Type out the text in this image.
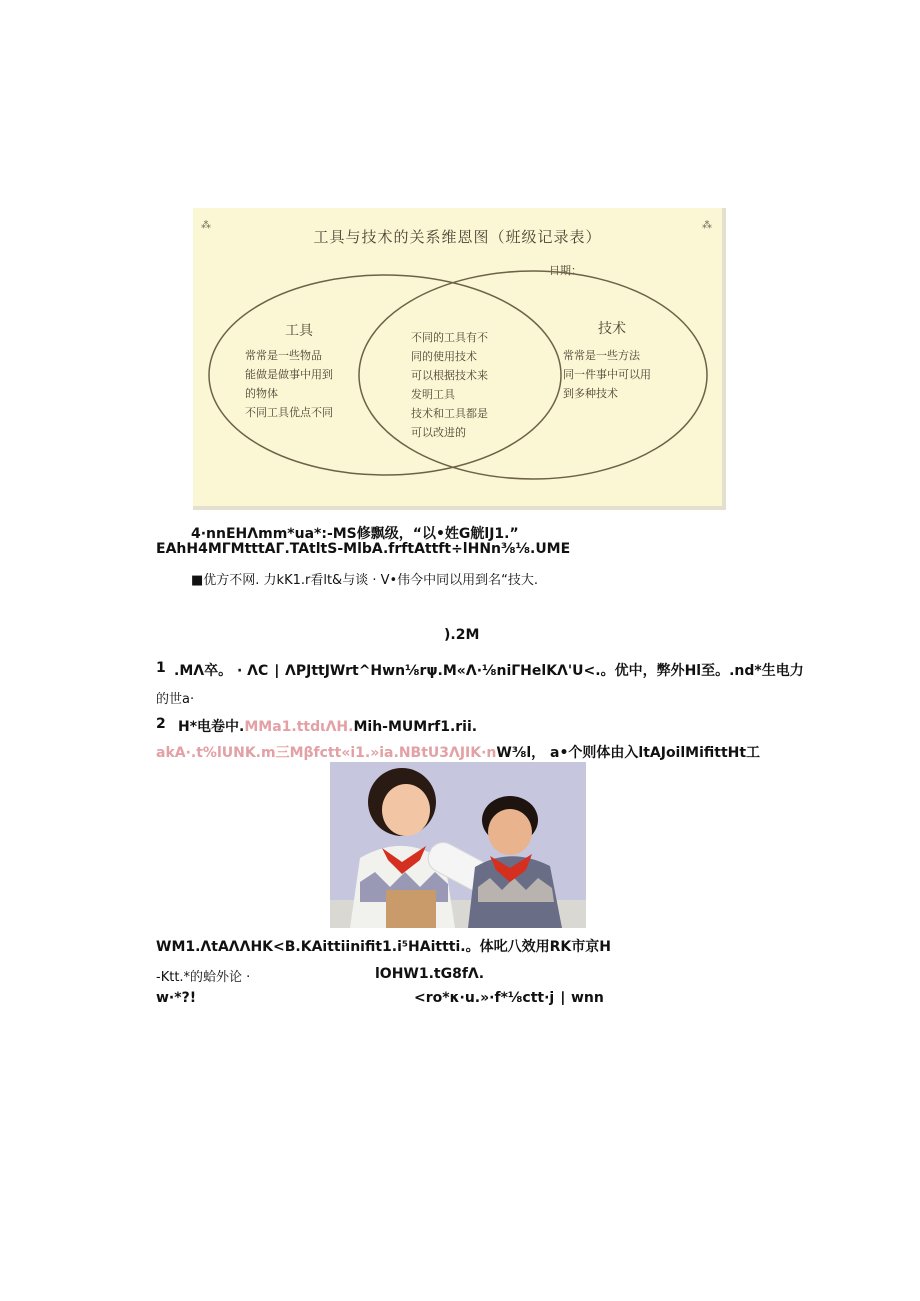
⁂	⁂
工具与技术的关系维恩图（班级记录表）
日期：
工具
常常是一些物品
能做是做事中用到
的物体
不同工具优点不同
不同的工具有不
同的使用技术
可以根据技术来
发明工具
技术和工具都是
可以改进的
技术
常常是一些方法
同一件事中可以用
到多种技术
4·nnEHΛmm*ua*:-MS修飘级，“以•姓G觥lJ1.”
EAhH4MΓMtttAΓ.TAtltS-MlbA.frftAttft÷lHNn⅜⅛.UME
■优方不网. 力kK1.r看lt&与谈 · V•伟今中同以用到名“技大.
).2M
1 .MΛ卒。 · ΛC ∣ ΛPJttJWrt^Hwn⅛rψ.M«Λ·⅛niΓHelKΛ'U<.。优中，弊外Hl至。.nd*生电力
的世a·
2 H*电卷中.MMa1.ttdιΛH.Mih-MUMrf1.rii.
akA·.t%lUNK.m三Mβfctt«i1.»ia.NBtU3ΛJIK·nW⅜l， a•个则体由入ltAJoilMifittHt工
WM1.ΛtAΛΛHK<B.KAittiinifit1.i⁵HAittti.。体叱八效用RK市京H
-Ktt.*的蛤外论 ·	lOHW1.tG8fΛ.
w·*?!	<ro*κ·u.»·f*⅛ctt·j ∣ wnn
